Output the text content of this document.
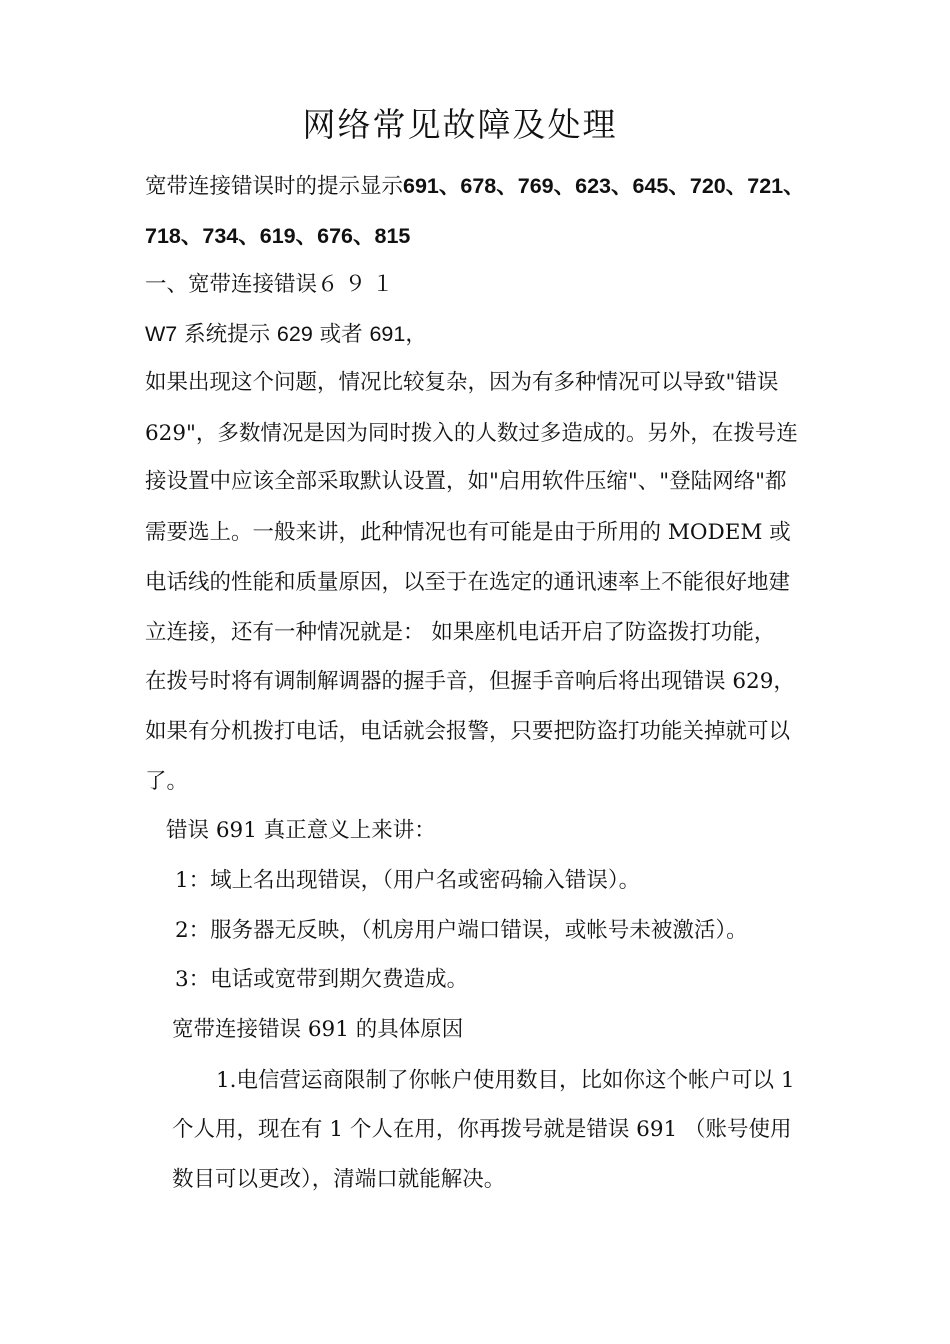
网络常见故障及处理
宽带连接错误时的提示显示691、678、769、623、645、720、721、
718、734、619、676、815
一、宽带连接错误６９１
W7 系统提示 629 或者 691，
如果出现这个问题，情况比较复杂，因为有多种情况可以导致"错误
629"，多数情况是因为同时拨入的人数过多造成的。另外，在拨号连
接设置中应该全部采取默认设置，如"启用软件压缩"、"登陆网络"都
需要选上。一般来讲，此种情况也有可能是由于所用的 MODEM 或
电话线的性能和质量原因，以至于在选定的通讯速率上不能很好地建
立连接，还有一种情况就是： 如果座机电话开启了防盗拨打功能，
在拨号时将有调制解调器的握手音，但握手音响后将出现错误 629，
如果有分机拨打电话，电话就会报警，只要把防盗打功能关掉就可以
了。
错误 691 真正意义上来讲：
1：域上名出现错误，（用户名或密码输入错误）。
2：服务器无反映，（机房用户端口错误，或帐号未被激活）。
3：电话或宽带到期欠费造成。
宽带连接错误 691 的具体原因
1.电信营运商限制了你帐户使用数目，比如你这个帐户可以 1
个人用，现在有 1 个人在用，你再拨号就是错误 691 （账号使用
数目可以更改），清端口就能解决。
